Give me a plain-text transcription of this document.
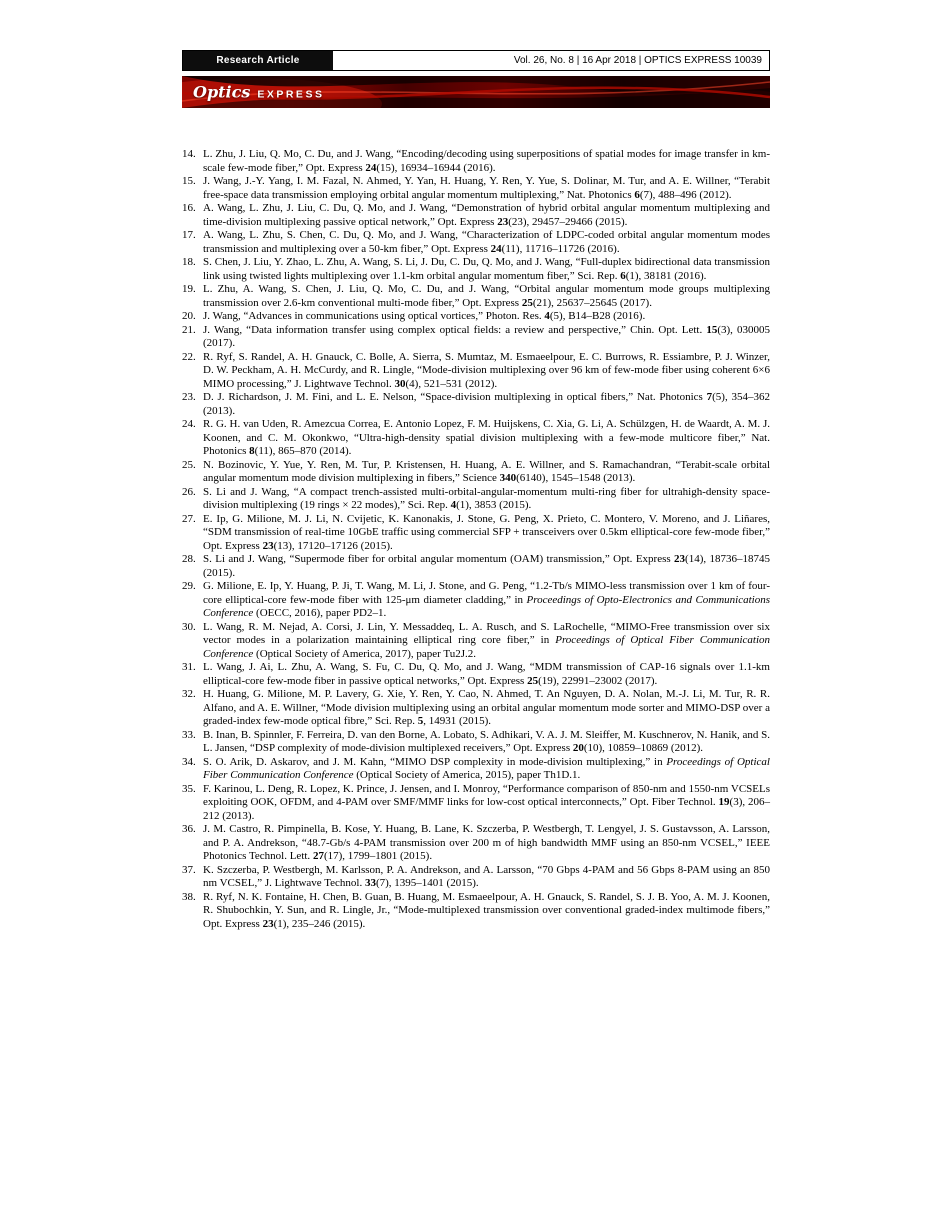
Research Article	Vol. 26, No. 8 | 16 Apr 2018 | OPTICS EXPRESS 10039
Optics EXPRESS
14. L. Zhu, J. Liu, Q. Mo, C. Du, and J. Wang, “Encoding/decoding using superpositions of spatial modes for image transfer in km-scale few-mode fiber,” Opt. Express 24(15), 16934–16944 (2016).
15. J. Wang, J.-Y. Yang, I. M. Fazal, N. Ahmed, Y. Yan, H. Huang, Y. Ren, Y. Yue, S. Dolinar, M. Tur, and A. E. Willner, “Terabit free-space data transmission employing orbital angular momentum multiplexing,” Nat. Photonics 6(7), 488–496 (2012).
16. A. Wang, L. Zhu, J. Liu, C. Du, Q. Mo, and J. Wang, “Demonstration of hybrid orbital angular momentum multiplexing and time-division multiplexing passive optical network,” Opt. Express 23(23), 29457–29466 (2015).
17. A. Wang, L. Zhu, S. Chen, C. Du, Q. Mo, and J. Wang, “Characterization of LDPC-coded orbital angular momentum modes transmission and multiplexing over a 50-km fiber,” Opt. Express 24(11), 11716–11726 (2016).
18. S. Chen, J. Liu, Y. Zhao, L. Zhu, A. Wang, S. Li, J. Du, C. Du, Q. Mo, and J. Wang, “Full-duplex bidirectional data transmission link using twisted lights multiplexing over 1.1-km orbital angular momentum fiber,” Sci. Rep. 6(1), 38181 (2016).
19. L. Zhu, A. Wang, S. Chen, J. Liu, Q. Mo, C. Du, and J. Wang, “Orbital angular momentum mode groups multiplexing transmission over 2.6-km conventional multi-mode fiber,” Opt. Express 25(21), 25637–25645 (2017).
20. J. Wang, “Advances in communications using optical vortices,” Photon. Res. 4(5), B14–B28 (2016).
21. J. Wang, “Data information transfer using complex optical fields: a review and perspective,” Chin. Opt. Lett. 15(3), 030005 (2017).
22. R. Ryf, S. Randel, A. H. Gnauck, C. Bolle, A. Sierra, S. Mumtaz, M. Esmaeelpour, E. C. Burrows, R. Essiambre, P. J. Winzer, D. W. Peckham, A. H. McCurdy, and R. Lingle, “Mode-division multiplexing over 96 km of few-mode fiber using coherent 6×6 MIMO processing,” J. Lightwave Technol. 30(4), 521–531 (2012).
23. D. J. Richardson, J. M. Fini, and L. E. Nelson, “Space-division multiplexing in optical fibers,” Nat. Photonics 7(5), 354–362 (2013).
24. R. G. H. van Uden, R. Amezcua Correa, E. Antonio Lopez, F. M. Huijskens, C. Xia, G. Li, A. Schülzgen, H. de Waardt, A. M. J. Koonen, and C. M. Okonkwo, “Ultra-high-density spatial division multiplexing with a few-mode multicore fiber,” Nat. Photonics 8(11), 865–870 (2014).
25. N. Bozinovic, Y. Yue, Y. Ren, M. Tur, P. Kristensen, H. Huang, A. E. Willner, and S. Ramachandran, “Terabit-scale orbital angular momentum mode division multiplexing in fibers,” Science 340(6140), 1545–1548 (2013).
26. S. Li and J. Wang, “A compact trench-assisted multi-orbital-angular-momentum multi-ring fiber for ultrahigh-density space-division multiplexing (19 rings × 22 modes),” Sci. Rep. 4(1), 3853 (2015).
27. E. Ip, G. Milione, M. J. Li, N. Cvijetic, K. Kanonakis, J. Stone, G. Peng, X. Prieto, C. Montero, V. Moreno, and J. Liñares, “SDM transmission of real-time 10GbE traffic using commercial SFP + transceivers over 0.5km elliptical-core few-mode fiber,” Opt. Express 23(13), 17120–17126 (2015).
28. S. Li and J. Wang, “Supermode fiber for orbital angular momentum (OAM) transmission,” Opt. Express 23(14), 18736–18745 (2015).
29. G. Milione, E. Ip, Y. Huang, P. Ji, T. Wang, M. Li, J. Stone, and G. Peng, “1.2-Tb/s MIMO-less transmission over 1 km of four-core elliptical-core few-mode fiber with 125-μm diameter cladding,” in Proceedings of Opto-Electronics and Communications Conference (OECC, 2016), paper PD2–1.
30. L. Wang, R. M. Nejad, A. Corsi, J. Lin, Y. Messaddeq, L. A. Rusch, and S. LaRochelle, “MIMO-Free transmission over six vector modes in a polarization maintaining elliptical ring core fiber,” in Proceedings of Optical Fiber Communication Conference (Optical Society of America, 2017), paper Tu2J.2.
31. L. Wang, J. Ai, L. Zhu, A. Wang, S. Fu, C. Du, Q. Mo, and J. Wang, “MDM transmission of CAP-16 signals over 1.1-km elliptical-core few-mode fiber in passive optical networks,” Opt. Express 25(19), 22991–23002 (2017).
32. H. Huang, G. Milione, M. P. Lavery, G. Xie, Y. Ren, Y. Cao, N. Ahmed, T. An Nguyen, D. A. Nolan, M.-J. Li, M. Tur, R. R. Alfano, and A. E. Willner, “Mode division multiplexing using an orbital angular momentum mode sorter and MIMO-DSP over a graded-index few-mode optical fibre,” Sci. Rep. 5, 14931 (2015).
33. B. Inan, B. Spinnler, F. Ferreira, D. van den Borne, A. Lobato, S. Adhikari, V. A. J. M. Sleiffer, M. Kuschnerov, N. Hanik, and S. L. Jansen, “DSP complexity of mode-division multiplexed receivers,” Opt. Express 20(10), 10859–10869 (2012).
34. S. O. Arik, D. Askarov, and J. M. Kahn, “MIMO DSP complexity in mode-division multiplexing,” in Proceedings of Optical Fiber Communication Conference (Optical Society of America, 2015), paper Th1D.1.
35. F. Karinou, L. Deng, R. Lopez, K. Prince, J. Jensen, and I. Monroy, “Performance comparison of 850-nm and 1550-nm VCSELs exploiting OOK, OFDM, and 4-PAM over SMF/MMF links for low-cost optical interconnects,” Opt. Fiber Technol. 19(3), 206–212 (2013).
36. J. M. Castro, R. Pimpinella, B. Kose, Y. Huang, B. Lane, K. Szczerba, P. Westbergh, T. Lengyel, J. S. Gustavsson, A. Larsson, and P. A. Andrekson, “48.7-Gb/s 4-PAM transmission over 200 m of high bandwidth MMF using an 850-nm VCSEL,” IEEE Photonics Technol. Lett. 27(17), 1799–1801 (2015).
37. K. Szczerba, P. Westbergh, M. Karlsson, P. A. Andrekson, and A. Larsson, “70 Gbps 4-PAM and 56 Gbps 8-PAM using an 850 nm VCSEL,” J. Lightwave Technol. 33(7), 1395–1401 (2015).
38. R. Ryf, N. K. Fontaine, H. Chen, B. Guan, B. Huang, M. Esmaeelpour, A. H. Gnauck, S. Randel, S. J. B. Yoo, A. M. J. Koonen, R. Shubochkin, Y. Sun, and R. Lingle, Jr., “Mode-multiplexed transmission over conventional graded-index multimode fibers,” Opt. Express 23(1), 235–246 (2015).
